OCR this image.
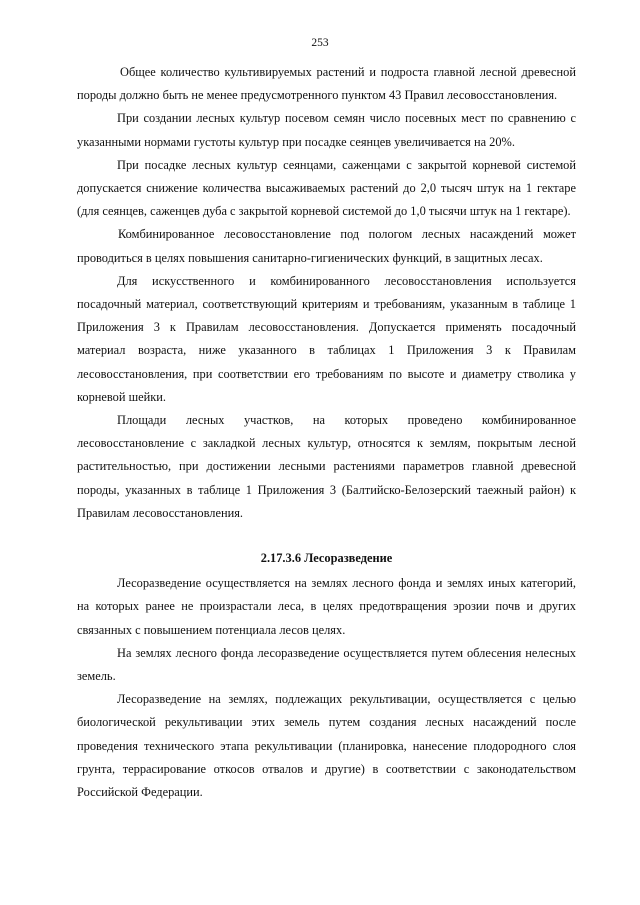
253

Общее количество культивируемых растений и подроста главной лесной древесной породы должно быть не менее предусмотренного пунктом 43 Правил лесовосстановления.

При создании лесных культур посевом семян число посевных мест по сравнению с указанными нормами густоты культур при посадке сеянцев увеличивается на 20%.

При посадке лесных культур сеянцами, саженцами с закрытой корневой системой допускается снижение количества высаживаемых растений до 2,0 тысяч штук на 1 гектаре (для сеянцев, саженцев дуба с закрытой корневой системой до 1,0 тысячи штук на 1 гектаре).

Комбинированное лесовосстановление под пологом лесных насаждений может проводиться в целях повышения санитарно-гигиенических функций, в защитных лесах.

Для искусственного и комбинированного лесовосстановления используется посадочный материал, соответствующий критериям и требованиям, указанным в таблице 1 Приложения 3 к Правилам лесовосстановления. Допускается применять посадочный материал возраста, ниже указанного в таблицах 1 Приложения 3 к Правилам лесовосстановления, при соответствии его требованиям по высоте и диаметру стволика у корневой шейки.

Площади лесных участков, на которых проведено комбинированное лесовосстановление с закладкой лесных культур, относятся к землям, покрытым лесной растительностью, при достижении лесными растениями параметров главной древесной породы, указанных в таблице 1 Приложения 3 (Балтийско-Белозерский таежный район) к Правилам лесовосстановления.

2.17.3.6 Лесоразведение

Лесоразведение осуществляется на землях лесного фонда и землях иных категорий, на которых ранее не произрастали леса, в целях предотвращения эрозии почв и других связанных с повышением потенциала лесов целях.

На землях лесного фонда лесоразведение осуществляется путем облесения нелесных земель.

Лесоразведение на землях, подлежащих рекультивации, осуществляется с целью биологической рекультивации этих земель путем создания лесных насаждений после проведения технического этапа рекультивации (планировка, нанесение плодородного слоя грунта, террасирование откосов отвалов и другие) в соответствии с законодательством Российской Федерации.
